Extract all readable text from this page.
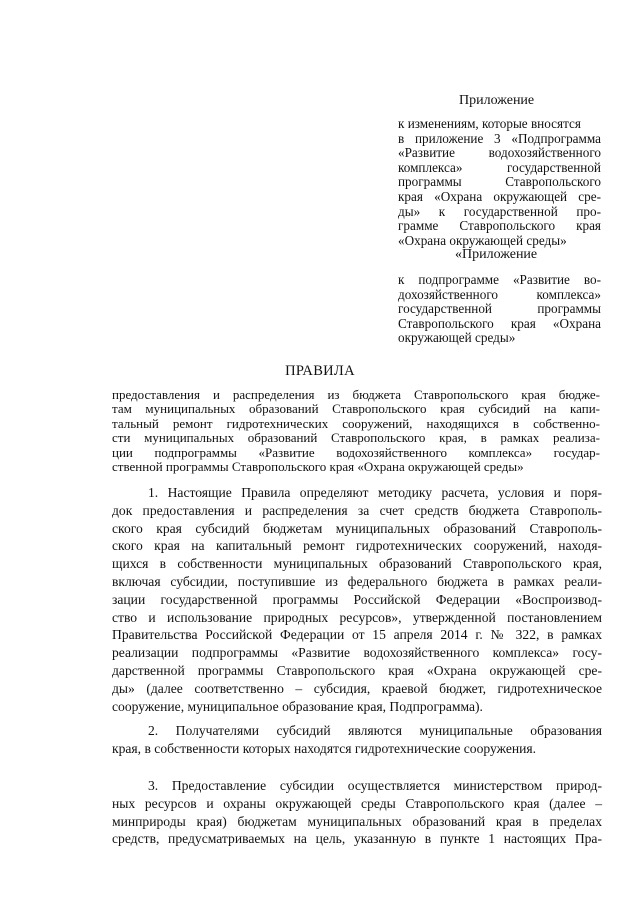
Приложение
к изменениям, которые вносятся
в приложение 3 «Подпрограмма
«Развитие водохозяйственного
комплекса» государственной
программы Ставропольского
края «Охрана окружающей сре-
ды» к государственной про-
грамме Ставропольского края
«Охрана окружающей среды»
«Приложение
к подпрограмме «Развитие во-
дохозяйственного комплекса»
государственной программы
Ставропольского края «Охрана
окружающей среды»
ПРАВИЛА
предоставления и распределения из бюджета Ставропольского края бюдже-
там муниципальных образований Ставропольского края субсидий на капи-
тальный ремонт гидротехнических сооружений, находящихся в собственно-
сти муниципальных образований Ставропольского края, в рамках реализа-
ции подпрограммы «Развитие водохозяйственного комплекса» государ-
ственной программы Ставропольского края «Охрана окружающей среды»
1. Настоящие Правила определяют методику расчета, условия и поря-
док предоставления и распределения за счет средств бюджета Ставрополь-
ского края субсидий бюджетам муниципальных образований Ставрополь-
ского края на капитальный ремонт гидротехнических сооружений, находя-
щихся в собственности муниципальных образований Ставропольского края,
включая субсидии, поступившие из федерального бюджета в рамках реали-
зации государственной программы Российской Федерации «Воспроизвод-
ство и использование природных ресурсов», утвержденной постановлением
Правительства Российской Федерации от 15 апреля 2014 г. № 322, в рамках
реализации подпрограммы «Развитие водохозяйственного комплекса» госу-
дарственной программы Ставропольского края «Охрана окружающей сре-
ды» (далее соответственно – субсидия, краевой бюджет, гидротехническое
сооружение, муниципальное образование края, Подпрограмма).
2. Получателями субсидий являются муниципальные образования
края, в собственности которых находятся гидротехнические сооружения.
3. Предоставление субсидии осуществляется министерством природ-
ных ресурсов и охраны окружающей среды Ставропольского края (далее –
минприроды края) бюджетам муниципальных образований края в пределах
средств, предусматриваемых на цель, указанную в пункте 1 настоящих Пра-
